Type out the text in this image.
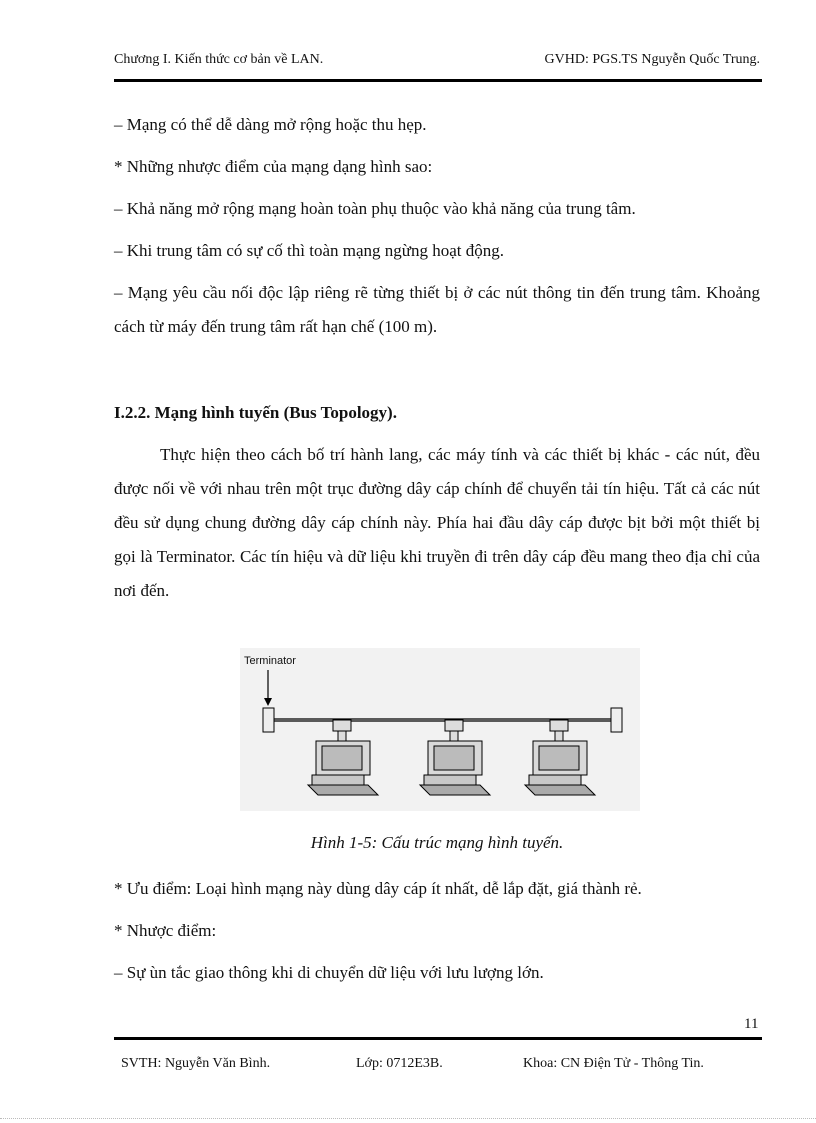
Chương I. Kiến thức cơ bản về LAN.	GVHD: PGS.TS Nguyễn Quốc Trung.

– Mạng có thể dễ dàng mở rộng hoặc thu hẹp.

* Những nhược điểm của mạng dạng hình sao:

– Khả năng mở rộng mạng hoàn toàn phụ thuộc vào khả năng của trung tâm.

– Khi trung tâm có sự cố thì toàn mạng ngừng hoạt động.

– Mạng yêu cầu nối độc lập riêng rẽ từng thiết bị ở các nút thông tin đến trung tâm. Khoảng cách từ máy đến trung tâm rất hạn chế (100 m).

I.2.2. Mạng hình tuyến (Bus Topology).

Thực hiện theo cách bố trí hành lang, các máy tính và các thiết bị khác - các nút, đều được nối về với nhau trên một trục đường dây cáp chính để chuyển tải tín hiệu. Tất cả các nút đều sử dụng chung đường dây cáp chính này. Phía hai đầu dây cáp được bịt bởi một thiết bị gọi là Terminator. Các tín hiệu và dữ liệu khi truyền đi trên dây cáp đều mang theo địa chỉ của nơi đến.

Terminator
Hình 1-5: Cấu trúc mạng hình tuyến.

* Ưu điểm: Loại hình mạng này dùng dây cáp ít nhất, dễ lắp đặt, giá thành rẻ.

* Nhược điểm:

– Sự ùn tắc giao thông khi di chuyển dữ liệu với lưu lượng lớn.

11
SVTH: Nguyễn Văn Bình.	Lớp: 0712E3B.	Khoa: CN Điện Tử - Thông Tin.
